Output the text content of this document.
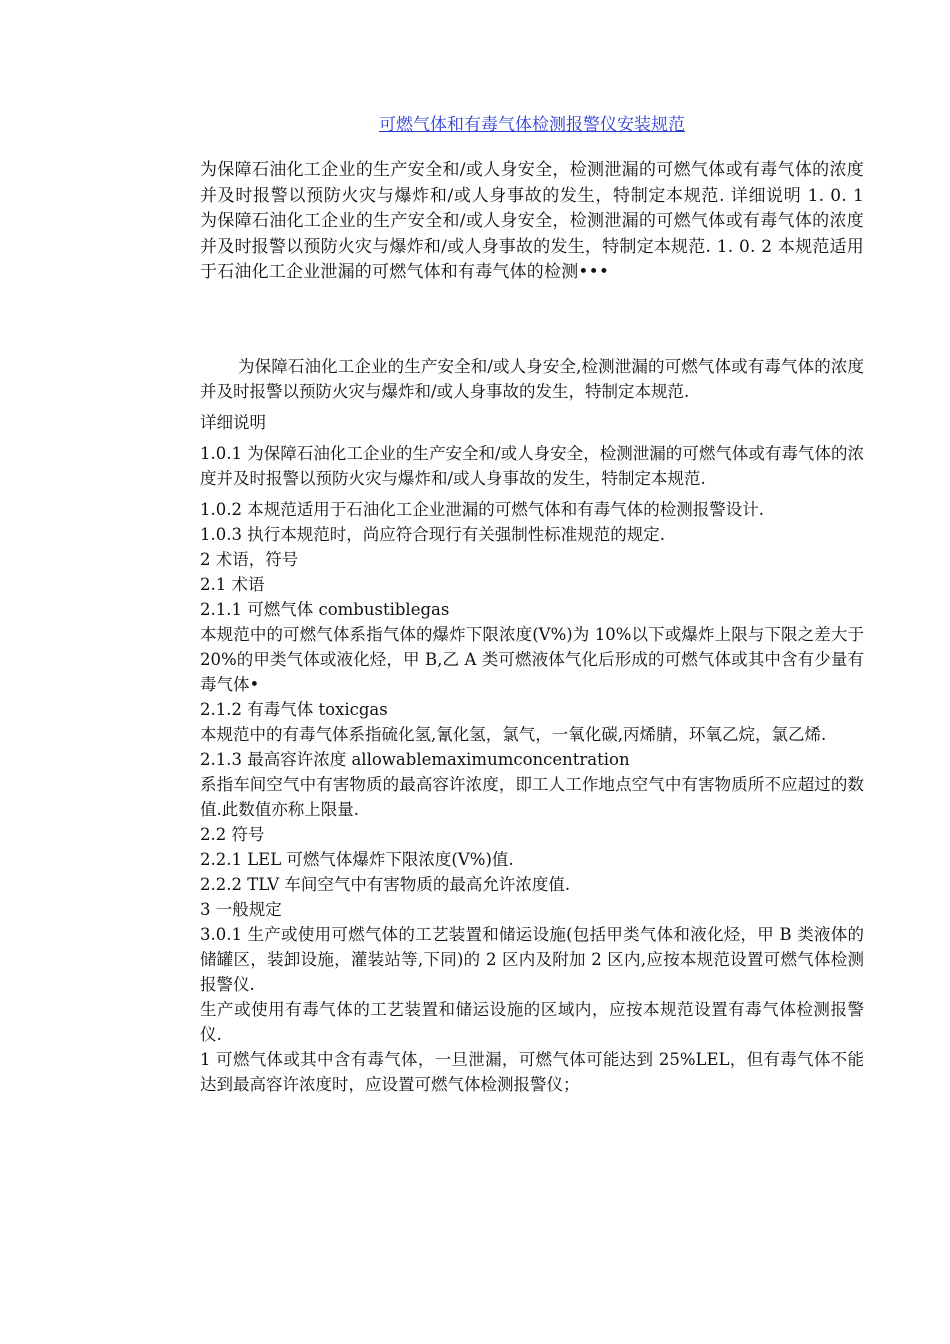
可燃气体和有毒气体检测报警仪安装规范

为保障石油化工企业的生产安全和/或人身安全，检测泄漏的可燃气体或有毒气体的浓度并及时报警以预防火灾与爆炸和/或人身事故的发生，特制定本规范. 详细说明 1. 0. 1 为保障石油化工企业的生产安全和/或人身安全，检测泄漏的可燃气体或有毒气体的浓度并及时报警以预防火灾与爆炸和/或人身事故的发生，特制定本规范. 1. 0. 2 本规范适用于石油化工企业泄漏的可燃气体和有毒气体的检测•••

为保障石油化工企业的生产安全和/或人身安全,检测泄漏的可燃气体或有毒气体的浓度并及时报警以预防火灾与爆炸和/或人身事故的发生，特制定本规范.

详细说明

1.0.1 为保障石油化工企业的生产安全和/或人身安全，检测泄漏的可燃气体或有毒气体的浓度并及时报警以预防火灾与爆炸和/或人身事故的发生，特制定本规范.

1.0.2 本规范适用于石油化工企业泄漏的可燃气体和有毒气体的检测报警设计.

1.0.3 执行本规范时，尚应符合现行有关强制性标准规范的规定.

2 术语，符号

2.1 术语

2.1.1 可燃气体 combustiblegas

本规范中的可燃气体系指气体的爆炸下限浓度(V%)为 10%以下或爆炸上限与下限之差大于 20%的甲类气体或液化烃，甲 B,乙 A 类可燃液体气化后形成的可燃气体或其中含有少量有毒气体•

2.1.2 有毒气体 toxicgas

本规范中的有毒气体系指硫化氢,氰化氢，氯气，一氧化碳,丙烯腈，环氧乙烷，氯乙烯.

2.1.3 最高容许浓度 allowablemaximumconcentration

系指车间空气中有害物质的最高容许浓度，即工人工作地点空气中有害物质所不应超过的数值.此数值亦称上限量.

2.2 符号

2.2.1 LEL 可燃气体爆炸下限浓度(V%)值.

2.2.2 TLV 车间空气中有害物质的最高允许浓度值.

3 一般规定

3.0.1 生产或使用可燃气体的工艺装置和储运设施(包括甲类气体和液化烃，甲 B 类液体的储罐区，装卸设施，灌装站等,下同)的 2 区内及附加 2 区内,应按本规范设置可燃气体检测报警仪.

生产或使用有毒气体的工艺装置和储运设施的区域内，应按本规范设置有毒气体检测报警仪.

1 可燃气体或其中含有毒气体，一旦泄漏，可燃气体可能达到 25%LEL，但有毒气体不能达到最高容许浓度时，应设置可燃气体检测报警仪；
